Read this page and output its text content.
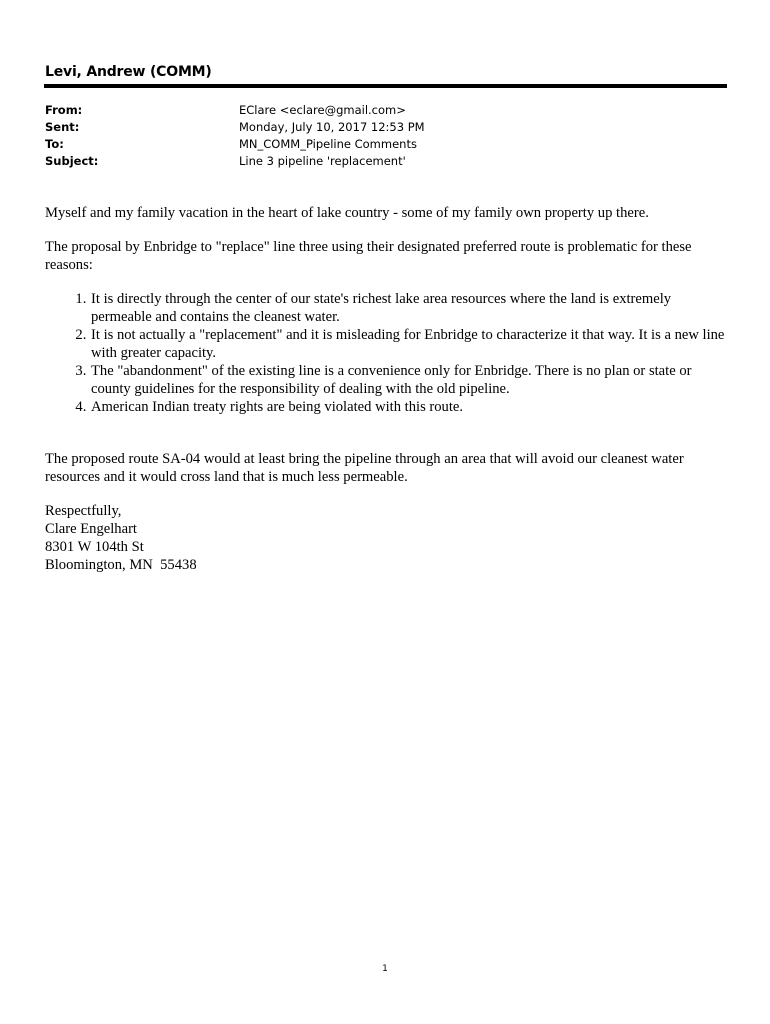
Levi, Andrew (COMM)
From:	EClare <eclare@gmail.com>
Sent:	Monday, July 10, 2017 12:53 PM
To:	MN_COMM_Pipeline Comments
Subject:	Line 3 pipeline 'replacement'

Myself and my family vacation in the heart of lake country - some of my family own property up there.

The proposal by Enbridge to "replace" line three using their designated preferred route is problematic for these reasons:

1. It is directly through the center of our state's richest lake area resources where the land is extremely permeable and contains the cleanest water.
2. It is not actually a "replacement" and it is misleading for Enbridge to characterize it that way. It is a new line with greater capacity.
3. The "abandonment" of the existing line is a convenience only for Enbridge. There is no plan or state or county guidelines for the responsibility of dealing with the old pipeline.
4. American Indian treaty rights are being violated with this route.

The proposed route SA-04 would at least bring the pipeline through an area that will avoid our cleanest water resources and it would cross land that is much less permeable.

Respectfully,
Clare Engelhart
8301 W 104th St
Bloomington, MN  55438
1
